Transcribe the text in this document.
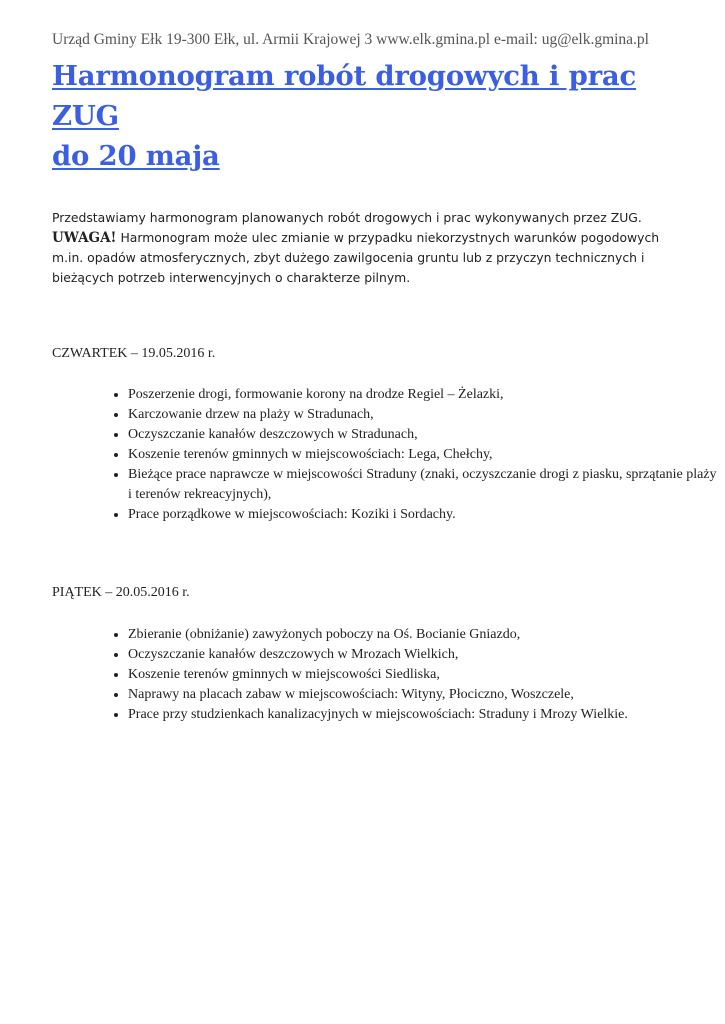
Urząd Gminy Ełk 19-300 Ełk, ul. Armii Krajowej 3 www.elk.gmina.pl e-mail: ug@elk.gmina.pl
Harmonogram robót drogowych i prac ZUG
do 20 maja

Przedstawiamy harmonogram planowanych robót drogowych i prac wykonywanych przez ZUG. UWAGA! Harmonogram może ulec zmianie w przypadku niekorzystnych warunków pogodowych m.in. opadów atmosferycznych, zbyt dużego zawilgocenia gruntu lub z przyczyn technicznych i bieżących potrzeb interwencyjnych o charakterze pilnym.

CZWARTEK – 19.05.2016 r.
• Poszerzenie drogi, formowanie korony na drodze Regiel – Żelazki,
• Karczowanie drzew na plaży w Stradunach,
• Oczyszczanie kanałów deszczowych w Stradunach,
• Koszenie terenów gminnych w miejscowościach: Lega, Chełchy,
• Bieżące prace naprawcze w miejscowości Straduny (znaki, oczyszczanie drogi z piasku, sprzątanie plaży i terenów rekreacyjnych),
• Prace porządkowe w miejscowościach: Koziki i Sordachy.
PIĄTEK – 20.05.2016 r.
• Zbieranie (obniżanie) zawyżonych poboczy na Oś. Bocianie Gniazdo,
• Oczyszczanie kanałów deszczowych w Mrozach Wielkich,
• Koszenie terenów gminnych w miejscowości Siedliska,
• Naprawy na placach zabaw w miejscowościach: Wityny, Płociczno, Woszczele,
• Prace przy studzienkach kanalizacyjnych w miejscowościach: Straduny i Mrozy Wielkie.
